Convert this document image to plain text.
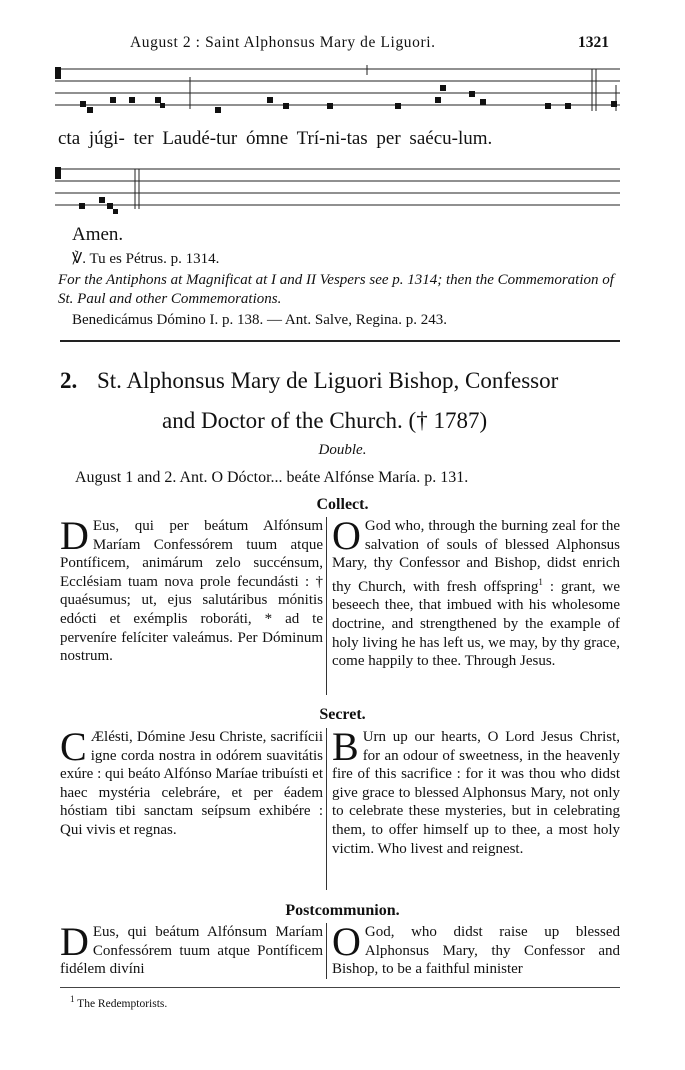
August 2 : Saint Alphonsus Mary de Liguori.	1321
cta júgi- ter Laudé-tur ómne Trí-ni-tas per saécu-lum.
Amen.
℣. Tu es Pétrus. p. 1314.
For the Antiphons at Magnificat at I and II Vespers see p. 1314; then the Commemoration of St. Paul and other Commemorations.
Benedicámus Dómino I. p. 138. — Ant. Salve, Regina. p. 243.
2. St. Alphonsus Mary de Liguori Bishop, Confessor
and Doctor of the Church. († 1787)
Double.
August 1 and 2. Ant. O Dóctor... beáte Alfónse María. p. 131.
Collect.

D Eus, qui per beátum Alfónsum Maríam Confessórem tuum atque Pontíficem, animárum zelo succénsum, Ecclésiam tuam nova prole fecundásti : † quaésumus; ut, ejus salutáribus mónitis edócti et exémplis roboráti, * ad te perveníre felíciter valeámus. Per Dóminum nostrum.

O God who, through the burning zeal for the salvation of souls of blessed Alphonsus Mary, thy Confessor and Bishop, didst enrich thy Church, with fresh offspring$^1$ : grant, we beseech thee, that imbued with his wholesome doctrine, and strengthened by the example of holy living he has left us, we may, by thy grace, come happily to thee. Through Jesus.

Secret.

C Ælésti, Dómine Jesu Christe, sacrifícii igne corda nostra in odórem suavitátis exúre : qui beáto Alfónso Maríae tribuísti et haec mystéria celebráre, et per éadem hóstiam tibi sanctam seípsum exhibére : Qui vivis et regnas.

B Urn up our hearts, O Lord Jesus Christ, for an odour of sweetness, in the heavenly fire of this sacrifice : for it was thou who didst give grace to blessed Alphonsus Mary, not only to celebrate these mysteries, but in celebrating them, to offer himself up to thee, a most holy victim. Who livest and reignest.

Postcommunion.

D Eus, qui beátum Alfónsum Maríam Confessórem tuum atque Pontíficem fidélem divíni

O God, who didst raise up blessed Alphonsus Mary, thy Confessor and Bishop, to be a faithful minister

$^1$ The Redemptorists.
